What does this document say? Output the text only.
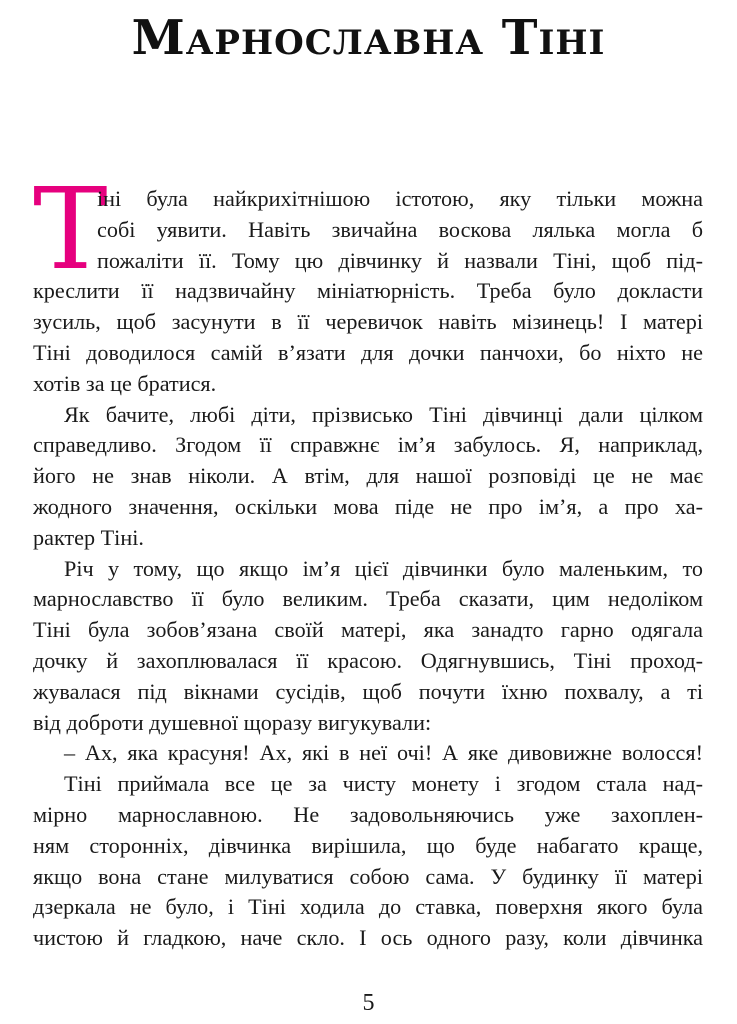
Марнославна Тіні
Т
іні була найкрихітнішою істотою, яку тільки можна
собі уявити. Навіть звичайна воскова лялька могла б
пожаліти її. Тому цю дівчинку й назвали Тіні, щоб під-
креслити її надзвичайну мініатюрність. Треба було докласти
зусиль, щоб засунути в її черевичок навіть мізинець! І матері
Тіні доводилося самій в’язати для дочки панчохи, бо ніхто не
хотів за це братися.
Як бачите, любі діти, прізвисько Тіні дівчинці дали цілком
справедливо. Згодом її справжнє ім’я забулось. Я, наприклад,
його не знав ніколи. А втім, для нашої розповіді це не має
жодного значення, оскільки мова піде не про ім’я, а про ха-
рактер Тіні.
Річ у тому, що якщо ім’я цієї дівчинки було маленьким, то
марнославство її було великим. Треба сказати, цим недоліком
Тіні була зобов’язана своїй матері, яка занадто гарно одягала
дочку й захоплювалася її красою. Одягнувшись, Тіні проход-
жувалася під вікнами сусідів, щоб почути їхню похвалу, а ті
від доброти душевної щоразу вигукували:
– Ах, яка красуня! Ах, які в неї очі! А яке дивовижне волосся!
Тіні приймала все це за чисту монету і згодом стала над-
мірно марнославною. Не задовольняючись уже захоплен-
ням сторонніх, дівчинка вирішила, що буде набагато краще,
якщо вона стане милуватися собою сама. У будинку її матері
дзеркала не було, і Тіні ходила до ставка, поверхня якого була
чистою й гладкою, наче скло. І ось одного разу, коли дівчинка
5
